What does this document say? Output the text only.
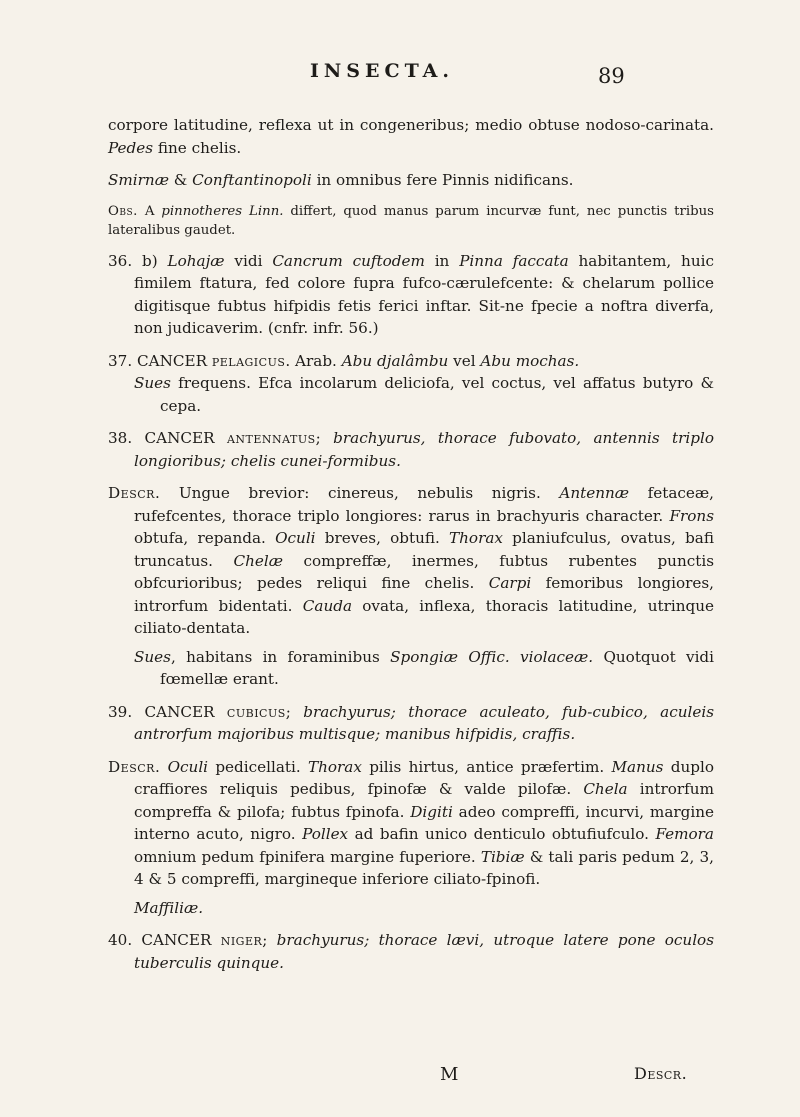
INSECTA.	89

corpore latitudine, reflexa ut in congeneribus; medio obtuse nodoso-carinata. Pedes fine chelis.

Smirnæ & Conftantinopoli in omnibus fere Pinnis nidificans.

Obs. A pinnotheres Linn. differt, quod manus parum incurvæ funt, nec punctis tribus lateralibus gaudet.

36. b) Lohajæ vidi Cancrum cuftodem in Pinna faccata habitantem, huic fimilem ftatura, fed colore fupra fufco-cærulefcente: & chelarum pollice digitisque fubtus hifpidis fetis ferici inftar. Sit-ne fpecie a noftra diverfa, non judicaverim. (cnfr. infr. 56.)

37. CANCER pelagicus. Arab. Abu djalâmbu vel Abu mochas.

Sues frequens. Efca incolarum deliciofa, vel coctus, vel affatus butyro & cepa.

38. CANCER antennatus; brachyurus, thorace fubovato, antennis triplo longioribus; chelis cunei-formibus.

Descr. Ungue brevior: cinereus, nebulis nigris. Antennæ fetaceæ, rufefcentes, thorace triplo longiores: rarus in brachyuris character. Frons obtufa, repanda. Oculi breves, obtufi. Thorax planiufculus, ovatus, bafi truncatus. Chelæ compreffæ, inermes, fubtus rubentes punctis obfcurioribus; pedes reliqui fine chelis. Carpi femoribus longiores, introrfum bidentati. Cauda ovata, inflexa, thoracis latitudine, utrinque ciliato-dentata.

Sues, habitans in foraminibus Spongiæ Offic. violaceæ. Quotquot vidi fœmellæ erant.

39. CANCER cubicus; brachyurus; thorace aculeato, fub-cubico, aculeis antrorfum majoribus multisque; manibus hifpidis, craffis.

Descr. Oculi pedicellati. Thorax pilis hirtus, antice præfertim. Manus duplo craffiores reliquis pedibus, fpinofæ & valde pilofæ. Chela introrfum compreffa & pilofa; fubtus fpinofa. Digiti adeo compreffi, incurvi, margine interno acuto, nigro. Pollex ad bafin unico denticulo obtufiufculo. Femora omnium pedum fpinifera margine fuperiore. Tibiæ & tali paris pedum 2, 3, 4 & 5 compreffi, margineque inferiore ciliato-fpinofi.

Maffiliæ.

40. CANCER niger; brachyurus; thorace lævi, utroque latere pone oculos tuberculis quinque.

M	Descr.
